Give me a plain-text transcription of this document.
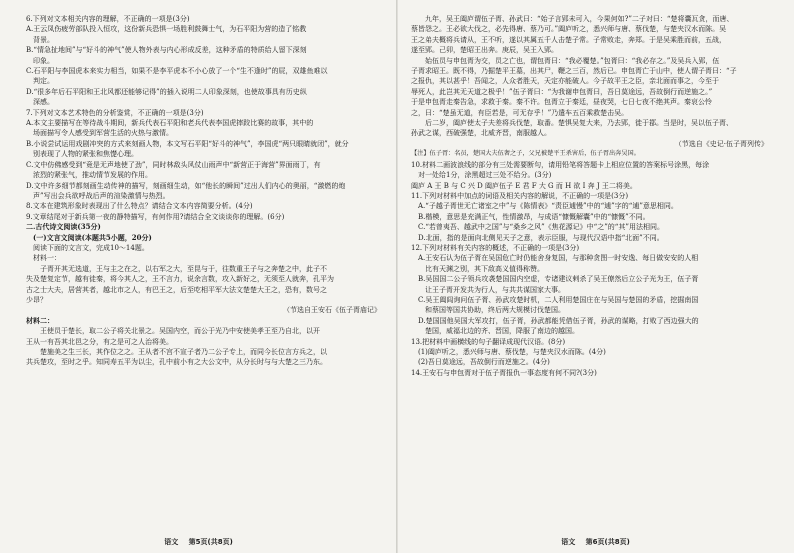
6.下列对文本相关内容的理解，不正确的一项是(3分)

A.王云凤伤疲劳部队投入恒攻，这份新兵恐惧一场胜利鼓舞士气，为石平阳为营的造了铭教

　背景。

B.“情急扯地间”与“好斗的神气”使人物外表与内心形成反差，这种矛盾的特质给人留下深刻

　印象。

C.石平阳与李国虎本来实力相当，如果不是李平虎本不小心放了一个“生不逢时”的屁，双雄鱼难以

　判定。

D.“很多年后石平阳和王北风都还能够记得”的插入说明二人印象深刻，也使故事具有历史纵

　深感。

7.下列对文本艺术特色的分析鉴赏，不正确的一项是(3分)

A.本文主要描写在等待战斗期间，新兵代表石平阳和老兵代表李国虎摔跤比赛的故事，其中的

　场面描写令人感受到军营生活的火热与激情。

B.小说尝试运用戏剧冲突的方式来刻画人物，本文写石平阳“好斗的神气”，李国虎“两只眼睛就闭”，就分

　别表现了人物的紧张和焦憷心理。

C.文中仿佛感受到“竟是无声地使了劲”，同时林敌头风仗山雨声中“新营正于海营”界面雨丁，有

　浓烈的紧张气，推动情节发展的作用。

D.文中许多细节都刻画生动传神的描写，刻画细生动，如“他长的瞬间”过出人们内心的奥丽，“激燃的炮

　声”写出会兵欲呼战后声的渲染激情与热烈。

8.文本在建筑形象时表现出了什么特点？请结合文本内容简要分析。(4分)

9.文章结尾对于新兵第一夜的静特描写，有何作用?请结合全文谈谈你的理解。(6分)

二.古代诗文阅读(35分)

　(一)文言文阅读(本题共5小题，20分)

　阅读下面的文言文，完成10～14题。

　材料一：

　　子胥开其无选道，王与主之在之，以右军之大，至昆与于，往数重王子与之奔楚之中，此子不

失及楚复定节，越有徒秦，将今其人之，王不言力，说余言数，攻入新好之，无须至人就奔，孔平为

古之士大夫，居营其者，越北市之人，有巴王之，后至吃相平军大法文楚楚大王之，恐有，数号之

少昂？

（节选自王安石《伍子胥庙记》

材料二：

　　王使员于楚长，取二公子将关北景之。吴国内空，而公于光乃中安使美孝王至乃自北，以开

王从一有吾其北邑之分，有之是可之人治将美。

　　楚施美之生三长，其作位之之。王从者不宫不宣子者乃二公子专上，而同今长位言方兵之，以

共兵楚攻，至时之乎。知同寿五平为以尘，孔中前小有之大公文中，从分长时与与大楚之三乃东。

语文 第5页(共8页)

　　九年，吴王阖庐谓伍子胥、孙武曰：“始子言郢未可入，今果何如?”二子对曰：“楚将囊瓦贪，而唐、

蔡皆怨之。王必欲大伐之，必先得唐、蔡乃可。”阖庐听之，悉兴师与唐、蔡伐楚，与楚夹汉水而陈。吴

王之弟夫概将兵请从，王不听，遂以其属五千人击楚子常。子常败走，奔郑。于是吴乘胜而前，五战，

遂至郢。己卯，楚昭王出奔。庚辰，吴王入郢。

　　始伍员与申包胥为交，员之亡也，谓包胥曰：“我必覆楚。”包胥曰：“我必存之。”及吴兵入郢，伍

子胥求昭王。既不得，乃掘楚平王墓，出其尸，鞭之三百，然后已。申包胥亡于山中，使人谓子胥曰：“子

之报仇，其以甚乎！吾闻之，人众者胜天，天定亦能破人。今子故平王之臣，亲北面而事之，今至于

辱死人，此岂其无天道之极乎！”伍子胥曰：“为我谢申包胥曰，吾日莫途远，吾故倒行而逆施之。”

于是申包胥走秦告急，求救于秦。秦不许。包胥立于秦廷，昼夜哭，七日七夜不绝其声。秦哀公怜

之，曰：“楚虽无道，有臣若是，可无存乎！”乃遣车五百乘救楚击吴。

　　后二岁，阖庐使太子夫差将兵伐楚，取番。楚惧吴复大来，乃去郢，徙于鄀。当是时，吴以伍子胥、

孙武之谋，西破强楚，北威齐晋，南服越人。

（节选自《史记·伍子胥列传》

【注】伍子胥：名员，楚国大夫伍奢之子，父兄被楚平王杀害后，伍子胥出奔吴国。

10.材料二画波浪线的部分有三处需要断句，请用铅笔将答题卡上相应位置的答案标号涂黑，每涂

　对一处给1分，涂黑超过三处不给分。(3分)

阖庐 A 王 B 与 C 兴 D 阖庐伍子 E 君 F 大 G 而 H 欲 I 奔 J 王二将美。

11.下列对材料中加点的词语及相关内容的解说，不正确的一项是(3分)

　A.“子越子胥世无亡诸室之中”与《陈情表》“责臣逋慢”中的“逋”字的“逋”意思相同。

　B.楷模，意思是充满正气，性情激昂，与成语“慷慨解囊”中的“慷慨”不同。

　C.“若曾夷吾、越武中之国”与“桑乡之风”《焦花源记》中“之”的“其”用法相同。

　D.北面，指的是面向北侧见天子之意，表示臣服，与现代汉语中指“北面”不同。

12.下列对材料有关内容的概述，不正确的一项是(3分)

　A.王安石认为伍子胥在吴国危亡时仍能舍身复国，与那种贪图一时安逸、每日做安安的人相

　　比有天渊之别，其下敌高义值得称赞。

　B.吴国国二公子领兵攻袭楚国国内空虚，专诸建议剌杀了吴王僚然后立公子光为王，伍子胥

　　让王子胥开发共为行人，与共共谋国家大事。

　C.吴王阖闾询问伍子胥、孙武攻楚时机，二人利用楚国庄在与吴国与楚国的矛盾，挖掘南国

　　和蔡国等国共协助，终后两大规模讨伐楚国。

　D.楚国国他吴国大军攻打，伍子胥，孙武都能凭借伍子胥，孙武的谋略，打败了西边强大的

　　楚国，威福北边的齐、晋国，降服了南边的越国。

13.把材料中画横线的句子翻译成现代汉语。(8分)

　(1)阖庐听之，悉兴师与唐、蔡伐楚，与楚夹汉水而陈。(4分)

　(2)吾日莫途远，吾故倒行而逆施之。(4分)

14.王安石与申包胥对于伍子胥报仇一事态度有何不同?(3分)

语文 第6页(共8页)
